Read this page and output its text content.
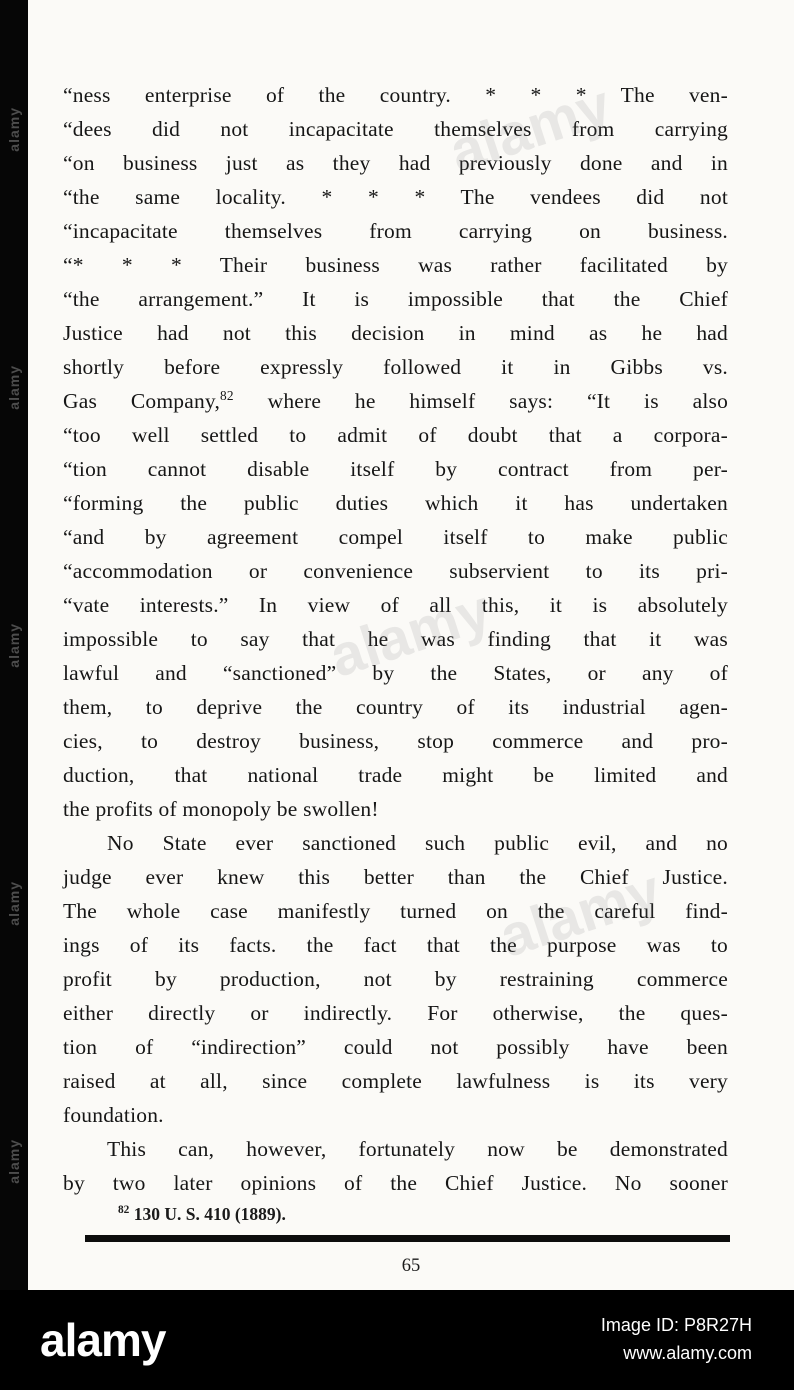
alamy
alamy
alamy
alamy
alamy
“ness enterprise of the country. * * * The ven-
“dees did not incapacitate themselves from carrying
“on business just as they had previously done and in
“the same locality. * * * The vendees did not
“incapacitate themselves from carrying on business.
“* * * Their business was rather facilitated by
“the arrangement.” It is impossible that the Chief
Justice had not this decision in mind as he had
shortly before expressly followed it in Gibbs vs.
Gas Company,$^{82}$ where he himself says: “It is also
“too well settled to admit of doubt that a corpora-
“tion cannot disable itself by contract from per-
“forming the public duties which it has undertaken
“and by agreement compel itself to make public
“accommodation or convenience subservient to its pri-
“vate interests.” In view of all this, it is absolutely
impossible to say that he was finding that it was
lawful and “sanctioned” by the States, or any of
them, to deprive the country of its industrial agen-
cies, to destroy business, stop commerce and pro-
duction, that national trade might be limited and
the profits of monopoly be swollen!
No State ever sanctioned such public evil, and no
judge ever knew this better than the Chief Justice.
The whole case manifestly turned on the careful find-
ings of its facts. the fact that the purpose was to
profit by production, not by restraining commerce
either directly or indirectly. For otherwise, the ques-
tion of “indirection” could not possibly have been
raised at all, since complete lawfulness is its very
foundation.
This can, however, fortunately now be demonstrated
by two later opinions of the Chief Justice. No sooner
$^{82}$ 130 U. S. 410 (1889).
65
alamy
alamy
alamy
alamy	Image ID: P8R27H
www.alamy.com
